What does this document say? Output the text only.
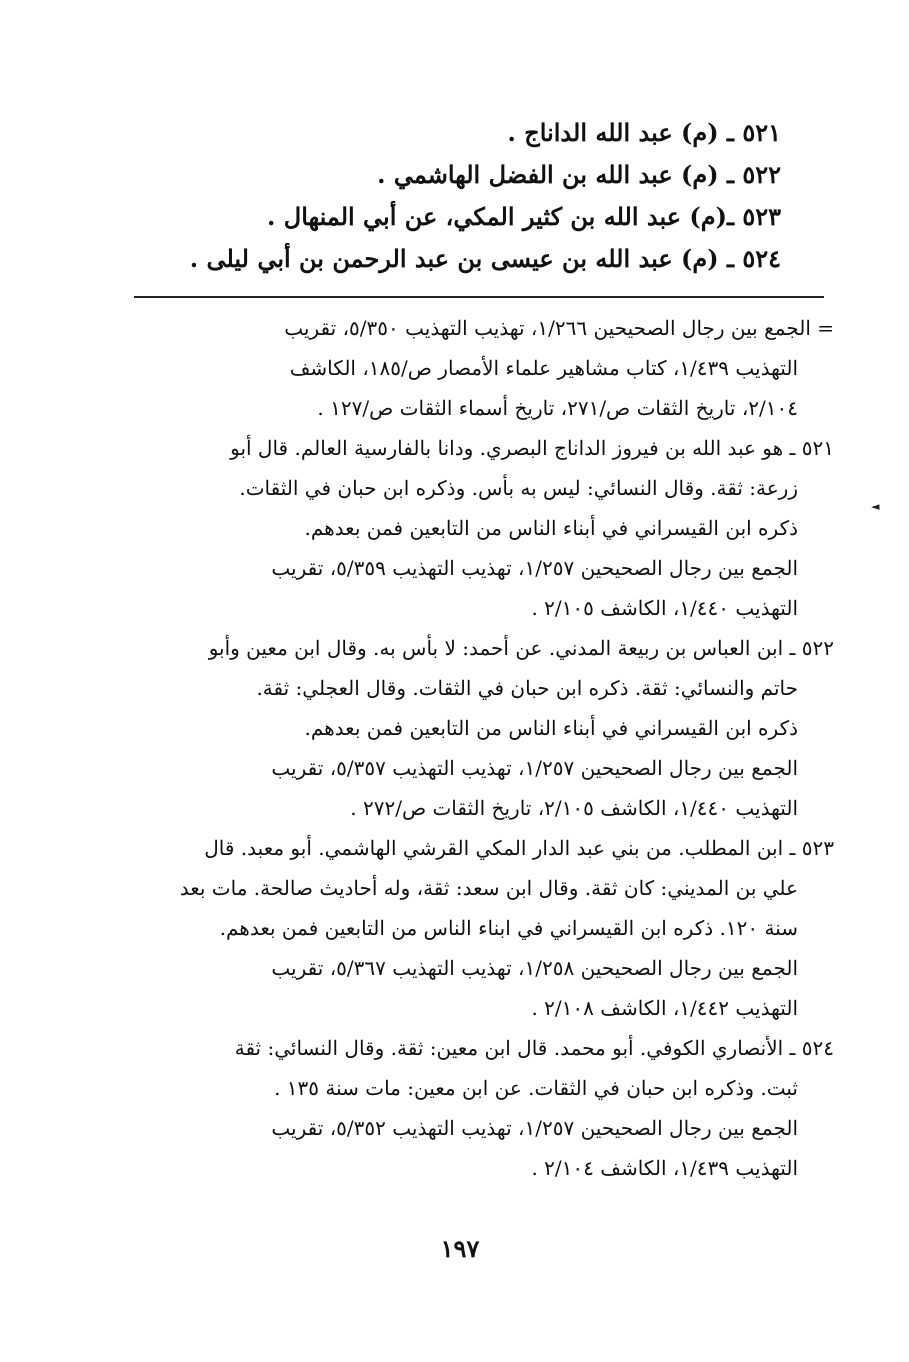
٥٢١ ـ (م) عبد الله الداناج .
٥٢٢ ـ (م) عبد الله بن الفضل الهاشمي .
٥٢٣ ـ(م) عبد الله بن كثير المكي، عن أبي المنهال .
٥٢٤ ـ (م) عبد الله بن عيسى بن عبد الرحمن بن أبي ليلى .
= الجمع بين رجال الصحيحين ١/٢٦٦، تهذيب التهذيب ٥/٣٥٠، تقريب
التهذيب ١/٤٣٩، كتاب مشاهير علماء الأمصار ص/١٨٥، الكاشف
٢/١٠٤، تاريخ الثقات ص/٢٧١، تاريخ أسماء الثقات ص/١٢٧ .
٥٢١ ـ هو عبد الله بن فيروز الداناج البصري. ودانا بالفارسية العالم. قال أبو
زرعة: ثقة. وقال النسائي: ليس به بأس. وذكره ابن حبان في الثقات.
ذكره ابن القيسراني في أبناء الناس من التابعين فمن بعدهم.
الجمع بين رجال الصحيحين ١/٢٥٧، تهذيب التهذيب ٥/٣٥٩، تقريب
التهذيب ١/٤٤٠، الكاشف ٢/١٠٥ .
٥٢٢ ـ ابن العباس بن ربيعة المدني. عن أحمد: لا بأس به. وقال ابن معين وأبو
حاتم والنسائي: ثقة. ذكره ابن حبان في الثقات. وقال العجلي: ثقة.
ذكره ابن القيسراني في أبناء الناس من التابعين فمن بعدهم.
الجمع بين رجال الصحيحين ١/٢٥٧، تهذيب التهذيب ٥/٣٥٧، تقريب
التهذيب ١/٤٤٠، الكاشف ٢/١٠٥، تاريخ الثقات ص/٢٧٢ .
٥٢٣ ـ ابن المطلب. من بني عبد الدار المكي القرشي الهاشمي. أبو معبد. قال
علي بن المديني: كان ثقة. وقال ابن سعد: ثقة، وله أحاديث صالحة. مات بعد
سنة ١٢٠. ذكره ابن القيسراني في ابناء الناس من التابعين فمن بعدهم.
الجمع بين رجال الصحيحين ١/٢٥٨، تهذيب التهذيب ٥/٣٦٧، تقريب
التهذيب ١/٤٤٢، الكاشف ٢/١٠٨ .
٥٢٤ ـ الأنصاري الكوفي. أبو محمد. قال ابن معين: ثقة. وقال النسائي: ثقة
ثبت. وذكره ابن حبان في الثقات. عن ابن معين: مات سنة ١٣٥ .
الجمع بين رجال الصحيحين ١/٢٥٧، تهذيب التهذيب ٥/٣٥٢، تقريب
التهذيب ١/٤٣٩، الكاشف ٢/١٠٤ .
◄
١٩٧
